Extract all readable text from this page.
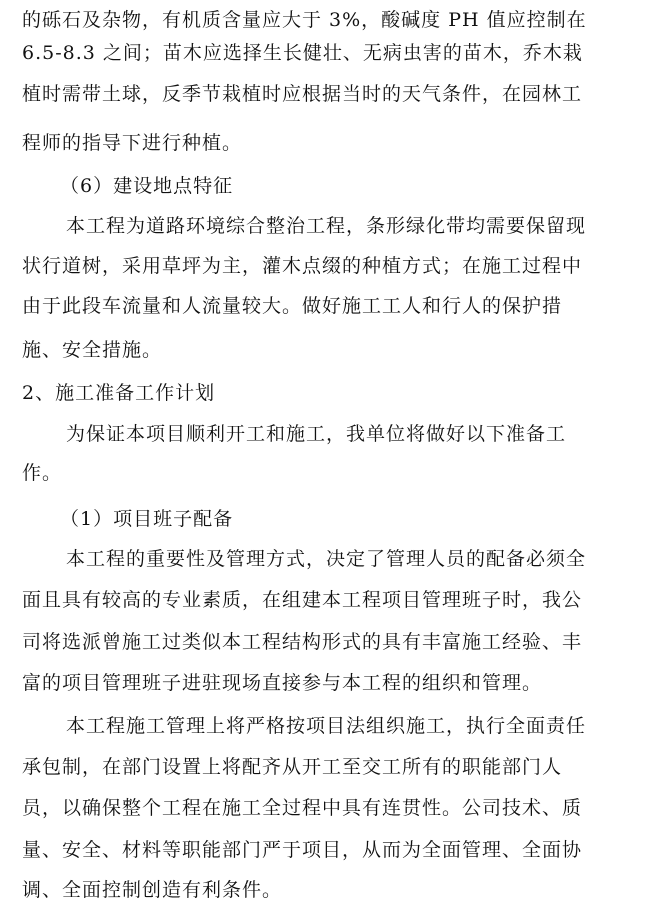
的砾石及杂物，有机质含量应大于 3%，酸碱度 PH 值应控制在
6.5-8.3 之间；苗木应选择生长健壮、无病虫害的苗木，乔木栽
植时需带土球，反季节栽植时应根据当时的天气条件，在园林工
程师的指导下进行种植。
（6）建设地点特征
本工程为道路环境综合整治工程，条形绿化带均需要保留现
状行道树，采用草坪为主，灌木点缀的种植方式；在施工过程中
由于此段车流量和人流量较大。做好施工工人和行人的保护措
施、安全措施。
2、施工准备工作计划
为保证本项目顺利开工和施工，我单位将做好以下准备工
作。
（1）项目班子配备
本工程的重要性及管理方式，决定了管理人员的配备必须全
面且具有较高的专业素质，在组建本工程项目管理班子时，我公
司将选派曾施工过类似本工程结构形式的具有丰富施工经验、丰
富的项目管理班子进驻现场直接参与本工程的组织和管理。
本工程施工管理上将严格按项目法组织施工，执行全面责任
承包制，在部门设置上将配齐从开工至交工所有的职能部门人
员，以确保整个工程在施工全过程中具有连贯性。公司技术、质
量、安全、材料等职能部门严于项目，从而为全面管理、全面协
调、全面控制创造有利条件。
